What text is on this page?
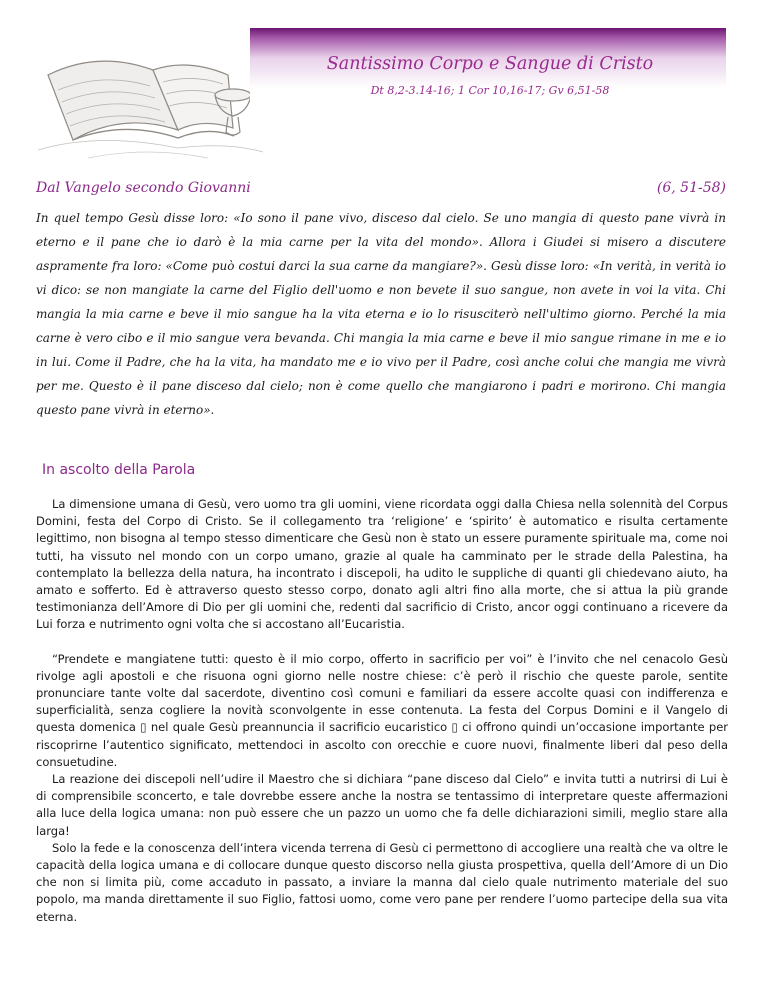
Santissimo Corpo e Sangue di Cristo
Dt 8,2-3.14-16; 1 Cor 10,16-17; Gv 6,51-58
Dal Vangelo secondo Giovanni	(6, 51-58)
In quel tempo Gesù disse loro: «Io sono il pane vivo, disceso dal cielo. Se uno mangia di questo pane vivrà in eterno e il pane che io darò è la mia carne per la vita del mondo». Allora i Giudei si misero a discutere aspramente fra loro: «Come può costui darci la sua carne da mangiare?». Gesù disse loro: «In verità, in verità io vi dico: se non mangiate la carne del Figlio dell'uomo e non bevete il suo sangue, non avete in voi la vita. Chi mangia la mia carne e beve il mio sangue ha la vita eterna e io lo risusciterò nell'ultimo giorno. Perché la mia carne è vero cibo e il mio sangue vera bevanda. Chi mangia la mia carne e beve il mio sangue rimane in me e io in lui. Come il Padre, che ha la vita, ha mandato me e io vivo per il Padre, così anche colui che mangia me vivrà per me. Questo è il pane disceso dal cielo; non è come quello che mangiarono i padri e morirono. Chi mangia questo pane vivrà in eterno».
In ascolto della Parola

La dimensione umana di Gesù, vero uomo tra gli uomini, viene ricordata oggi dalla Chiesa nella solennità del Corpus Domini, festa del Corpo di Cristo. Se il collegamento tra ‘religione’ e ‘spirito’ è automatico e risulta certamente legittimo, non bisogna al tempo stesso dimenticare che Gesù non è stato un essere puramente spirituale ma, come noi tutti, ha vissuto nel mondo con un corpo umano, grazie al quale ha camminato per le strade della Palestina, ha contemplato la bellezza della natura, ha incontrato i discepoli, ha udito le suppliche di quanti gli chiedevano aiuto, ha amato e sofferto. Ed è attraverso questo stesso corpo, donato agli altri fino alla morte, che si attua la più grande testimonianza dell’Amore di Dio per gli uomini che, redenti dal sacrificio di Cristo, ancor oggi continuano a ricevere da Lui forza e nutrimento ogni volta che si accostano all’Eucaristia.

“Prendete e mangiatene tutti: questo è il mio corpo, offerto in sacrificio per voi” è l’invito che nel cenacolo Gesù rivolge agli apostoli e che risuona ogni giorno nelle nostre chiese: c’è però il rischio che queste parole, sentite pronunciare tante volte dal sacerdote, diventino così comuni e familiari da essere accolte quasi con indifferenza e superficialità, senza cogliere la novità sconvolgente in esse contenuta. La festa del Corpus Domini e il Vangelo di questa domenica ▯ nel quale Gesù preannuncia il sacrificio eucaristico ▯ ci offrono quindi un’occasione importante per riscoprirne l’autentico significato, mettendoci in ascolto con orecchie e cuore nuovi, finalmente liberi dal peso della consuetudine.

La reazione dei discepoli nell’udire il Maestro che si dichiara “pane disceso dal Cielo” e invita tutti a nutrirsi di Lui è di comprensibile sconcerto, e tale dovrebbe essere anche la nostra se tentassimo di interpretare queste affermazioni alla luce della logica umana: non può essere che un pazzo un uomo che fa delle dichiarazioni simili, meglio stare alla larga!

Solo la fede e la conoscenza dell’intera vicenda terrena di Gesù ci permettono di accogliere una realtà che va oltre le capacità della logica umana e di collocare dunque questo discorso nella giusta prospettiva, quella dell’Amore di un Dio che non si limita più, come accaduto in passato, a inviare la manna dal cielo quale nutrimento materiale del suo popolo, ma manda direttamente il suo Figlio, fattosi uomo, come vero pane per rendere l’uomo partecipe della sua vita eterna.
